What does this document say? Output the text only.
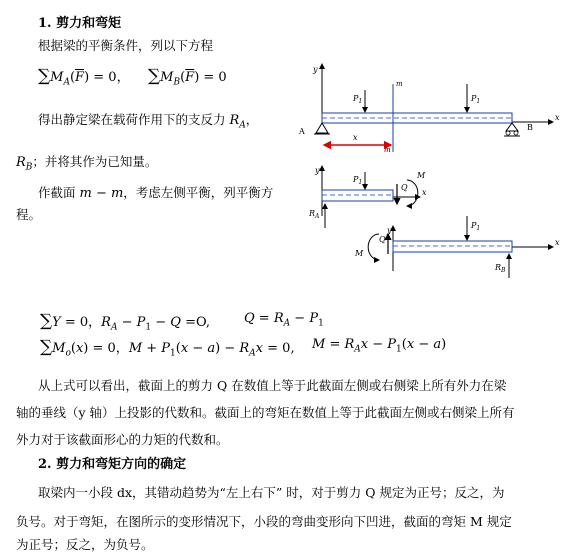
1. 剪力和弯矩
根据梁的平衡条件，列以下方程
$\sum M_A(\overline{F}) = 0$， $\sum M_B(\overline{F}) = 0$
得出静定梁在载荷作用下的支反力 $R_A$，
$R_B$；并将其作为已知量。
作截面 m − m，考虑左侧平衡，列平衡方
程。
∑Y = 0，$R_A - P_1 - Q =O$,	$Q = R_A - P_1$
$\sum M_o(x) = 0$，$M + P_1(x - a) - R_Ax = 0$, $M = R_Ax - P_1(x - a)$
从上式可以看出，截面上的剪力 Q 在数值上等于此截面左侧或右侧梁上所有外力在梁
轴的垂线（y 轴）上投影的代数和。截面上的弯矩在数值上等于此截面左侧或右侧梁上所有
外力对于该截面形心的力矩的代数和。
2. 剪力和弯矩方向的确定
取梁内一小段 dx，其错动趋势为“左上右下” 时，对于剪力 Q 规定为正号；反之，为
负号。对于弯矩，在图所示的变形情况下，小段的弯曲变形向下凹进，截面的弯矩 M 规定
为正号；反之，为负号。
y
x
m
m
$P_1$	$P_1$
A	B
x
y
x
$P_1$
Q
M
$R_A$
y
x
$P_1$
Q
M
$R_B$
